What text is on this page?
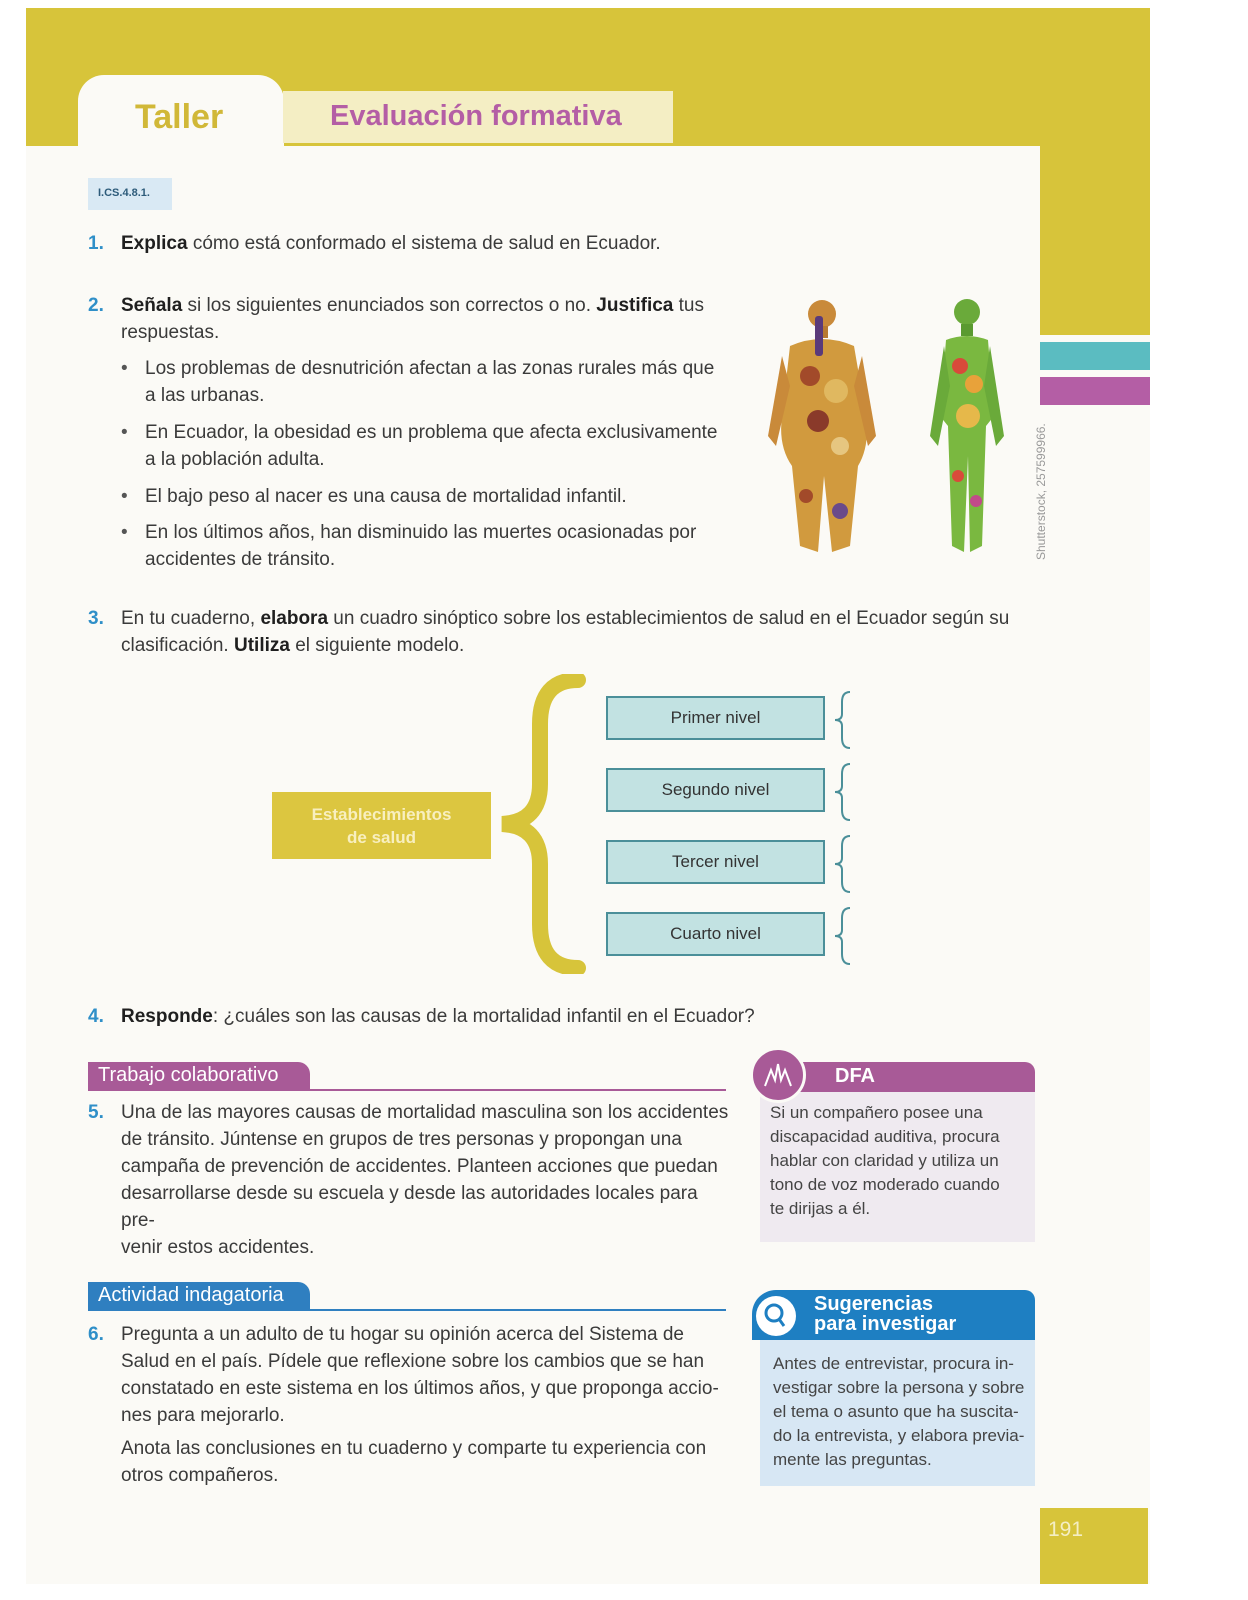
Shutterstock, 257599966.
Taller	Evaluación formativa
I.CS.4.8.1.
1. Explica cómo está conformado el sistema de salud en Ecuador.
2. Señala si los siguientes enunciados son correctos o no. Justifica tus
respuestas.
• Los problemas de desnutrición afectan a las zonas rurales más que
a las urbanas.
• En Ecuador, la obesidad es un problema que afecta exclusivamente
a la población adulta.
• El bajo peso al nacer es una causa de mortalidad infantil.
• En los últimos años, han disminuido las muertes ocasionadas por
accidentes de tránsito.
3. En tu cuaderno, elabora un cuadro sinóptico sobre los establecimientos de salud en el Ecuador según su
clasificación. Utiliza el siguiente modelo.
Establecimientos
de salud
Primer nivel
Segundo nivel
Tercer nivel
Cuarto nivel
4. Responde: ¿cuáles son las causas de la mortalidad infantil en el Ecuador?
Trabajo colaborativo
5. Una de las mayores causas de mortalidad masculina son los accidentes
de tránsito. Júntense en grupos de tres personas y propongan una
campaña de prevención de accidentes. Planteen acciones que puedan
desarrollarse desde su escuela y desde las autoridades locales para pre-
venir estos accidentes.
DFA
Si un compañero posee una
discapacidad auditiva, procura
hablar con claridad y utiliza un
tono de voz moderado cuando
te dirijas a él.
Actividad indagatoria
6. Pregunta a un adulto de tu hogar su opinión acerca del Sistema de
Salud en el país. Pídele que reflexione sobre los cambios que se han
constatado en este sistema en los últimos años, y que proponga accio-
nes para mejorarlo.
Anota las conclusiones en tu cuaderno y comparte tu experiencia con
otros compañeros.
Sugerencias
para investigar
Antes de entrevistar, procura in-
vestigar sobre la persona y sobre
el tema o asunto que ha suscita-
do la entrevista, y elabora previa-
mente las preguntas.
191
